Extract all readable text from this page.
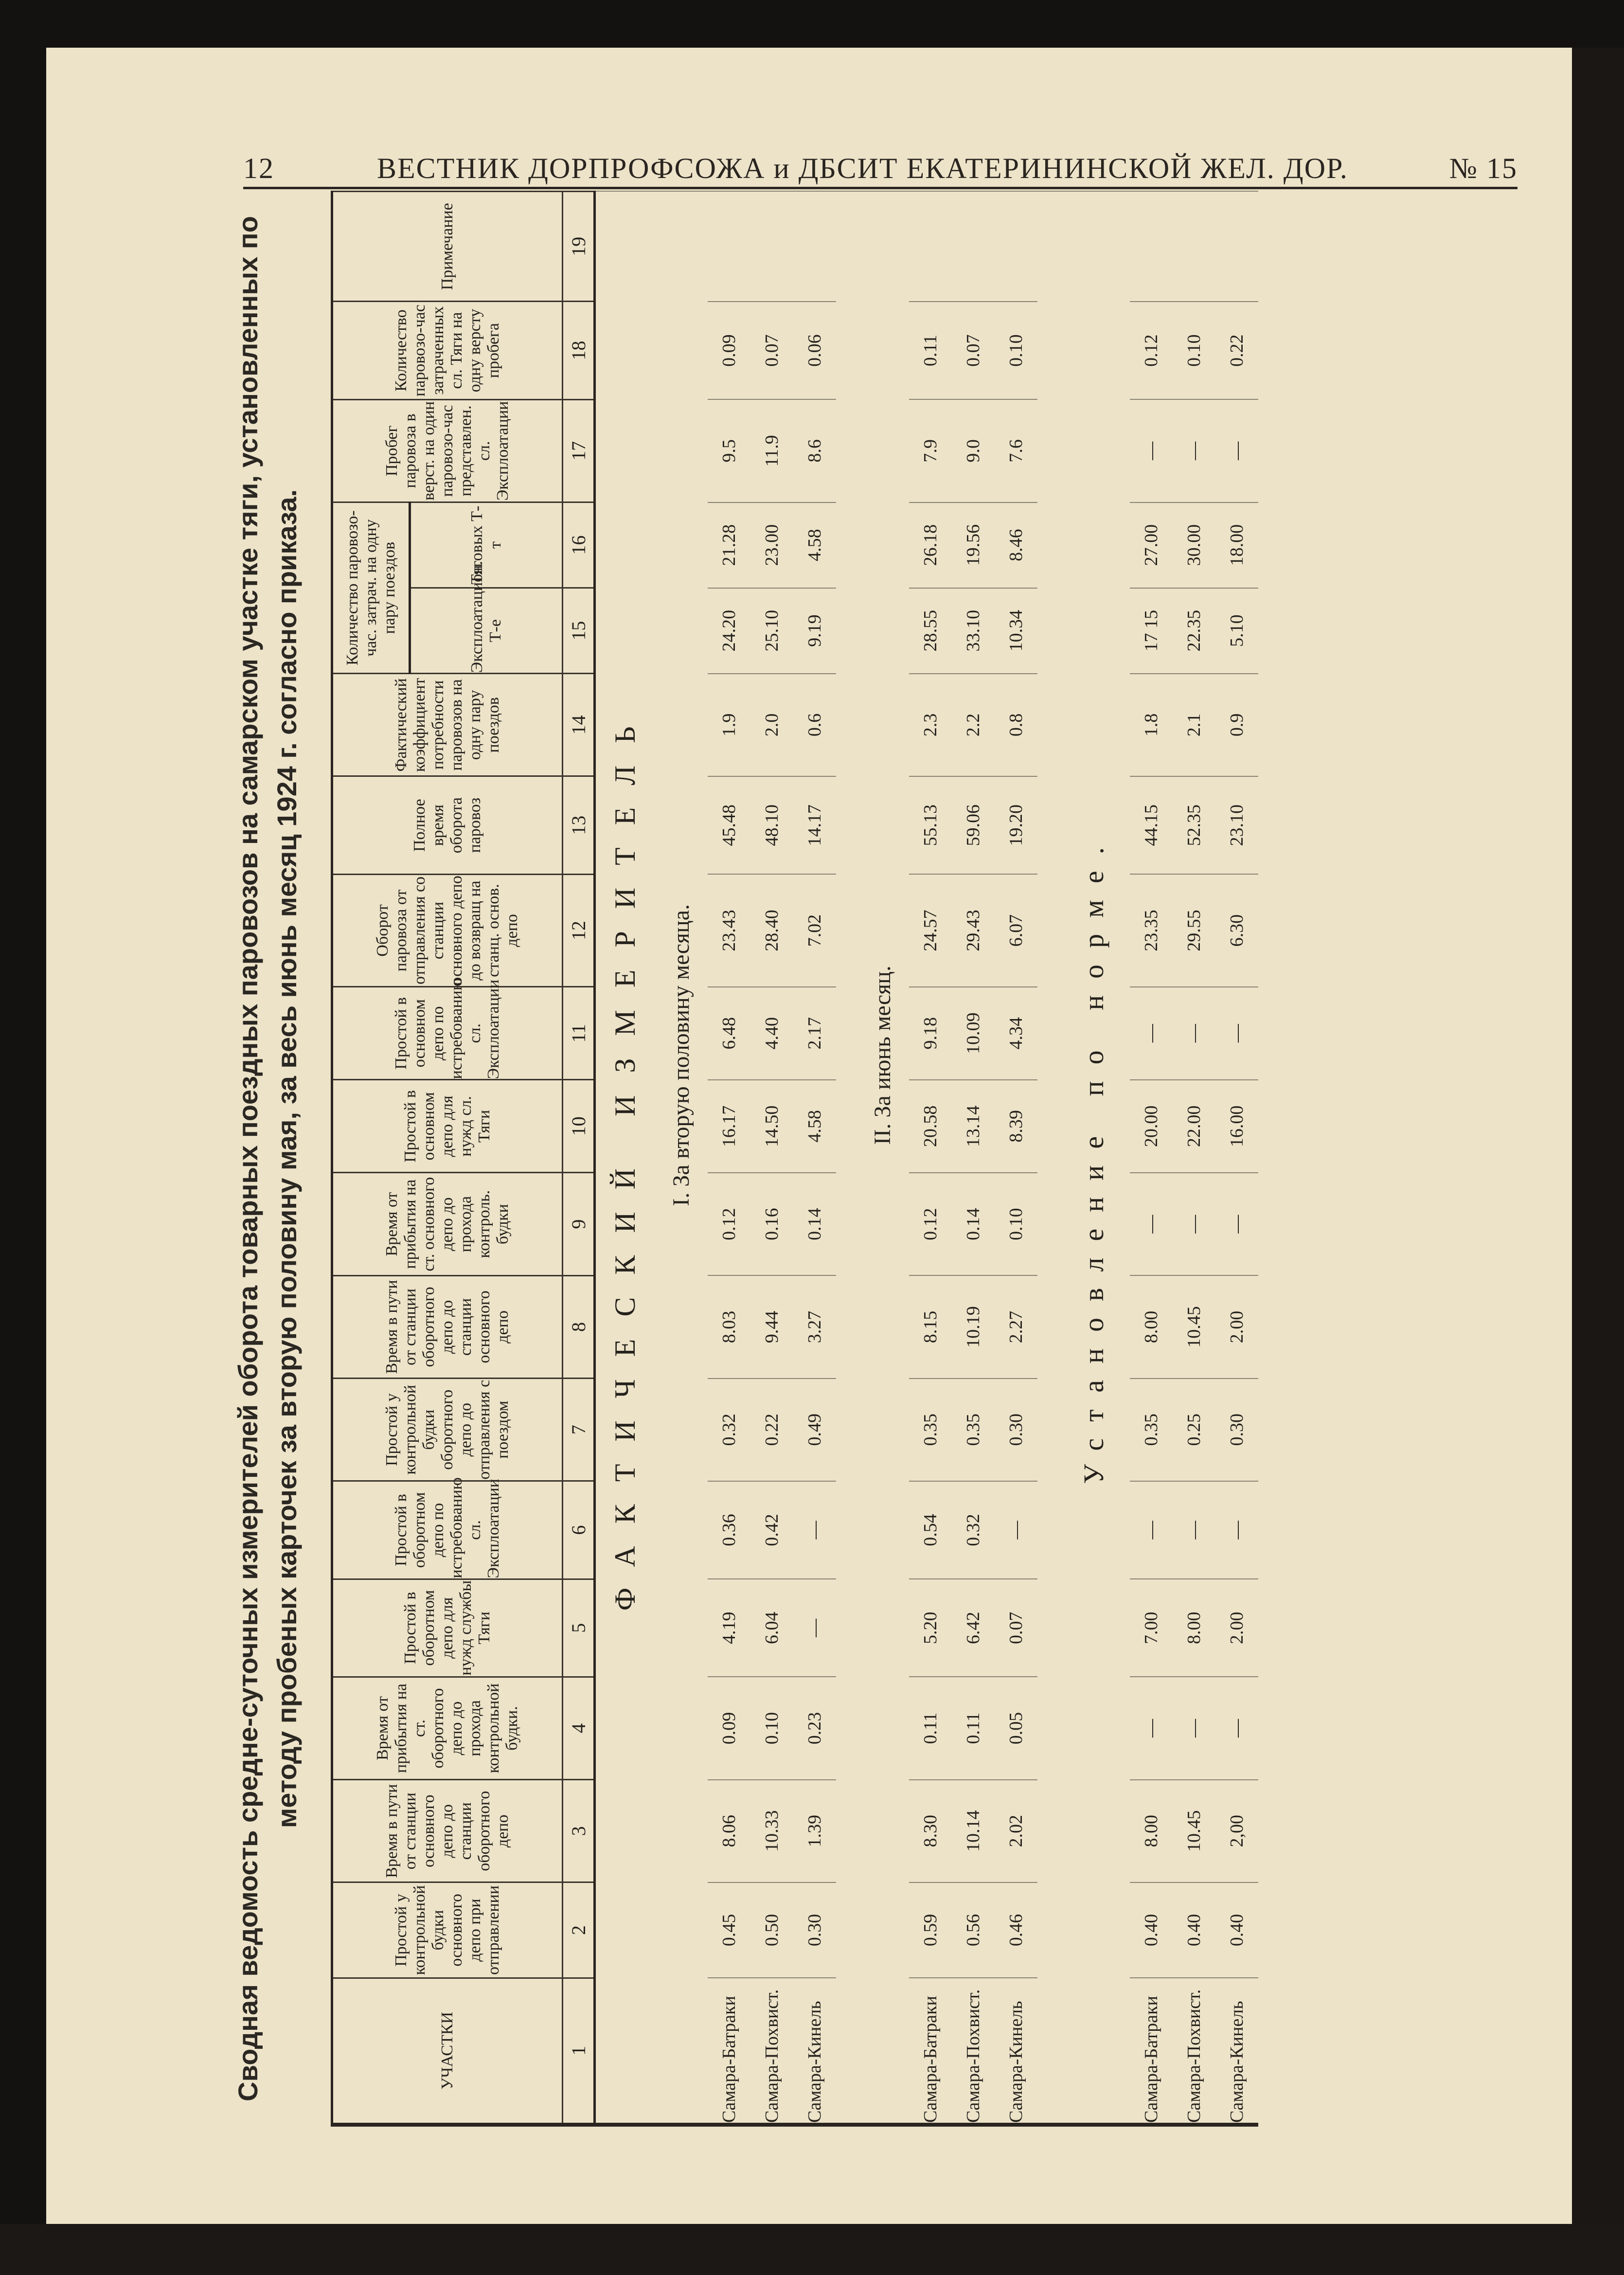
12	ВЕСТНИК ДОРПРОФСОЖА и ДБСИТ ЕКАТЕРИНИНСКОЙ ЖЕЛ. ДОР.	№ 15
Сводная ведомость средне-суточных измерителей оборота товарных поездных паровозов на самарском участке тяги, установленных по методу пробеных карточек за вторую половину мая, за весь июнь месяц 1924 г. согласно приказа.
УЧАСТКИ	Простой у контрольной будки основного депо при отправлении	Время в пути от станции основного депо до станции оборотного депо	Время от прибытия на ст. оборотного депо до прохода контрольной будки.	Простой в оборотном депо для нужд службы Тяги	Простой в оборотном депо по истребованию сл. Эксплоатации	Простой у контрольной будки оборотного депо до отправления с поездом	Время в пути от станции оборотного депо до станции основного депо	Время от прибытия на ст. основного депо до прохода контроль. будки	Простой в основном депо для нужд сл. Тяги	Простой в основном депо по истребованию сл. Эксплоатации	Оборот паровоза от отправления со станции основного депо до возвращ на станц. основ. депо	Полное время оборота паровоз	Фактический коэффициент потребности паровозов на одну пару поездов	Количество паровозо-час. затрач. на одну пару поездов		Пробег паровоза в верст. на один паровозо-час представлен. сл. Эксплоатации	Количество паровозо-час затраченных сл. Тяги на одну версту пробега	Примечание
														Эксплоатацион. Т-е	Тяговых Т-т			
1	2	3	4	5	6	7	8	9	10	11	12	13	14	15	16	17	18	19
ФАКТИЧЕСКИЙ ИЗМЕРИТЕЛЬ																		
I. За вторую половину месяца.																		
Самара-Батраки	0.45	8.06	0.09	4.19	0.36	0.32	8.03	0.12	16.17	6.48	23.43	45.48	1.9	24.20	21.28	9.5	0.09	
Самара-Похвист.	0.50	10.33	0.10	6.04	0.42	0.22	9.44	0.16	14.50	4.40	28.40	48.10	2.0	25.10	23.00	11.9	0.07	
Самара-Кинель	0.30	1.39	0.23	—	—	0.49	3.27	0.14	4.58	2.17	7.02	14.17	0.6	9.19	4.58	8.6	0.06	

II. За июнь месяц.																		
Самара-Батраки	0.59	8.30	0.11	5.20	0.54	0.35	8.15	0.12	20.58	9.18	24.57	55.13	2.3	28.55	26.18	7.9	0.11	
Самара-Похвист.	0.56	10.14	0.11	6.42	0.32	0.35	10.19	0.14	13.14	10.09	29.43	59.06	2.2	33.10	19.56	9.0	0.07	
Самара-Кинель	0.46	2.02	0.05	0.07	—	0.30	2.27	0.10	8.39	4.34	6.07	19.20	0.8	10.34	8.46	7.6	0.10	

Установление по норме.																		
Самара-Батраки	0.40	8.00	—	7.00	—	0.35	8.00	—	20.00	—	23.35	44.15	1.8	17 15	27.00	—	0.12	
Самара-Похвист.	0.40	10.45	—	8.00	—	0.25	10.45	—	22.00	—	29.55	52.35	2.1	22.35	30.00	—	0.10	
Самара-Кинель	0.40	2,00	—	2.00	—	0.30	2.00	—	16.00	—	6.30	23.10	0.9	5.10	18.00	—	0.22	
